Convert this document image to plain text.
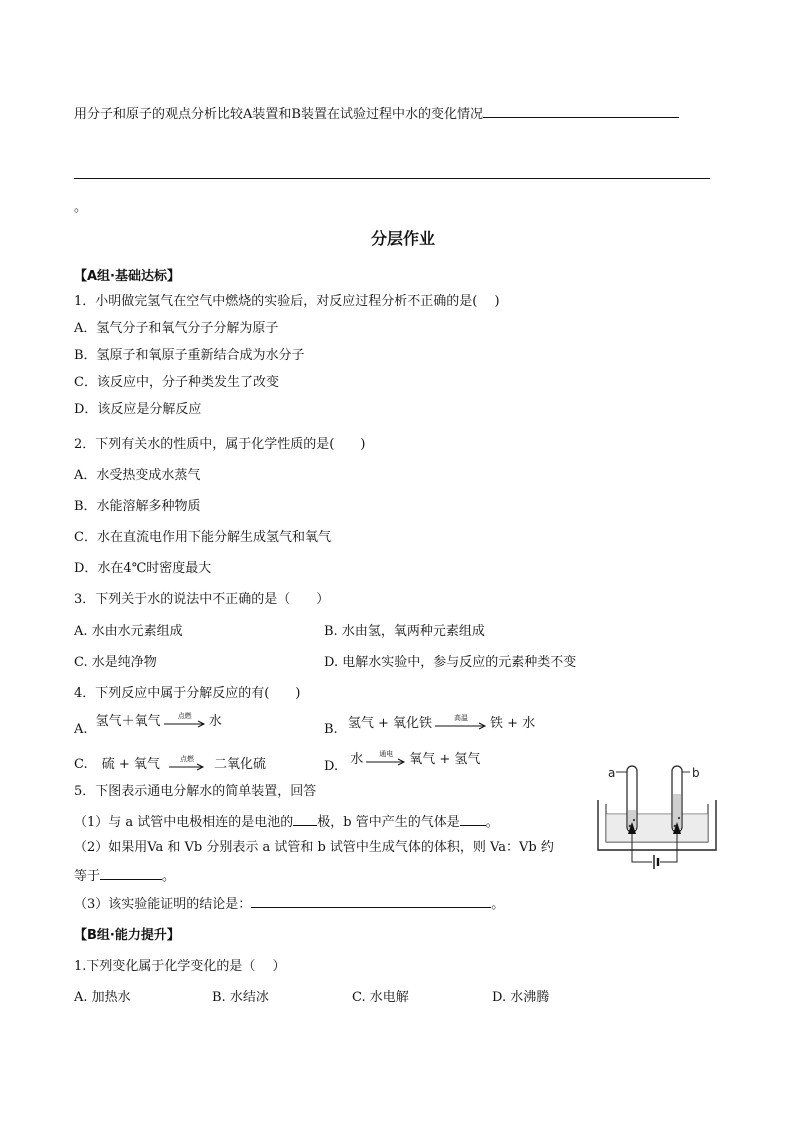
用分子和原子的观点分析比较A装置和B装置在试验过程中水的变化情况
。
分层作业
【A组·基础达标】
1．小明做完氢气在空气中燃烧的实验后，对反应过程分析不正确的是(　 )
A．氢气分子和氧气分子分解为原子
B．氢原子和氧原子重新结合成为水分子
C．该反应中，分子种类发生了改变
D．该反应是分解反应
2．下列有关水的性质中，属于化学性质的是(　　)
A．水受热变成水蒸气
B．水能溶解多种物质
C．水在直流电作用下能分解生成氢气和氧气
D．水在4℃时密度最大
3．下列关于水的说法中不正确的是（　　）
A. 水由水元素组成	B. 水由氢，氧两种元素组成
C. 水是纯净物	D. 电解水实验中，参与反应的元素种类不变
4．下列反应中属于分解反应的有(　　)
A. 氢气＋氧气	点燃	水
B. 氢气 + 氧化铁	高温	铁 + 水
C. 硫 + 氧气	点燃	二氧化硫	D. 水	通电	氧气 + 氢气
5．下图表示通电分解水的简单装置，回答
（1）与 a 试管中电极相连的是电池的 极，b 管中产生的气体是 。
（2）如果用Va 和 Vb 分别表示 a 试管和 b 试管中生成气体的体积，则 Va：Vb 约
等于	。
（3）该实验能证明的结论是：	。
a	b
【B组·能力提升】
1.下列变化属于化学变化的是（　 ）
A. 加热水	B. 水结冰	C. 水电解	D. 水沸腾
